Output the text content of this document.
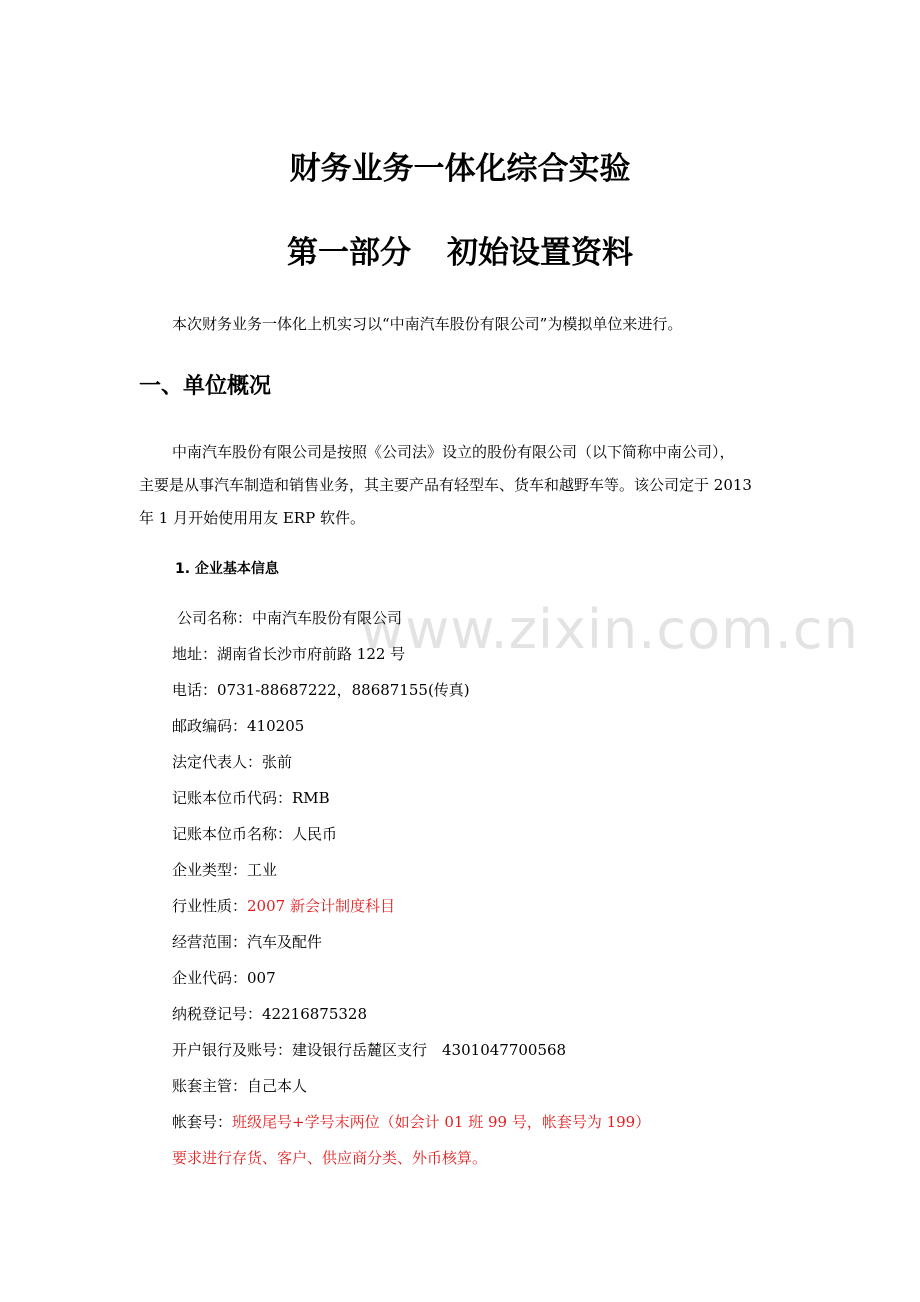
财务业务一体化综合实验
第一部分 初始设置资料

本次财务业务一体化上机实习以“中南汽车股份有限公司”为模拟单位来进行。

一、单位概况

中南汽车股份有限公司是按照《公司法》设立的股份有限公司（以下简称中南公司），
主要是从事汽车制造和销售业务，其主要产品有轻型车、货车和越野车等。该公司定于 2013
年 1 月开始使用用友 ERP 软件。

1. 企业基本信息
公司名称：中南汽车股份有限公司
地址：湖南省长沙市府前路 122 号
电话：0731-88687222，88687155(传真)
邮政编码：410205
法定代表人：张前
记账本位币代码：RMB
记账本位币名称：人民币
企业类型：工业
行业性质：2007 新会计制度科目
经营范围：汽车及配件
企业代码：007
纳税登记号：42216875328
开户银行及账号：建设银行岳麓区支行　4301047700568
账套主管：自己本人
帐套号：班级尾号+学号末两位（如会计 01 班 99 号，帐套号为 199）
要求进行存货、客户、供应商分类、外币核算。
www.zixin.com.cn
